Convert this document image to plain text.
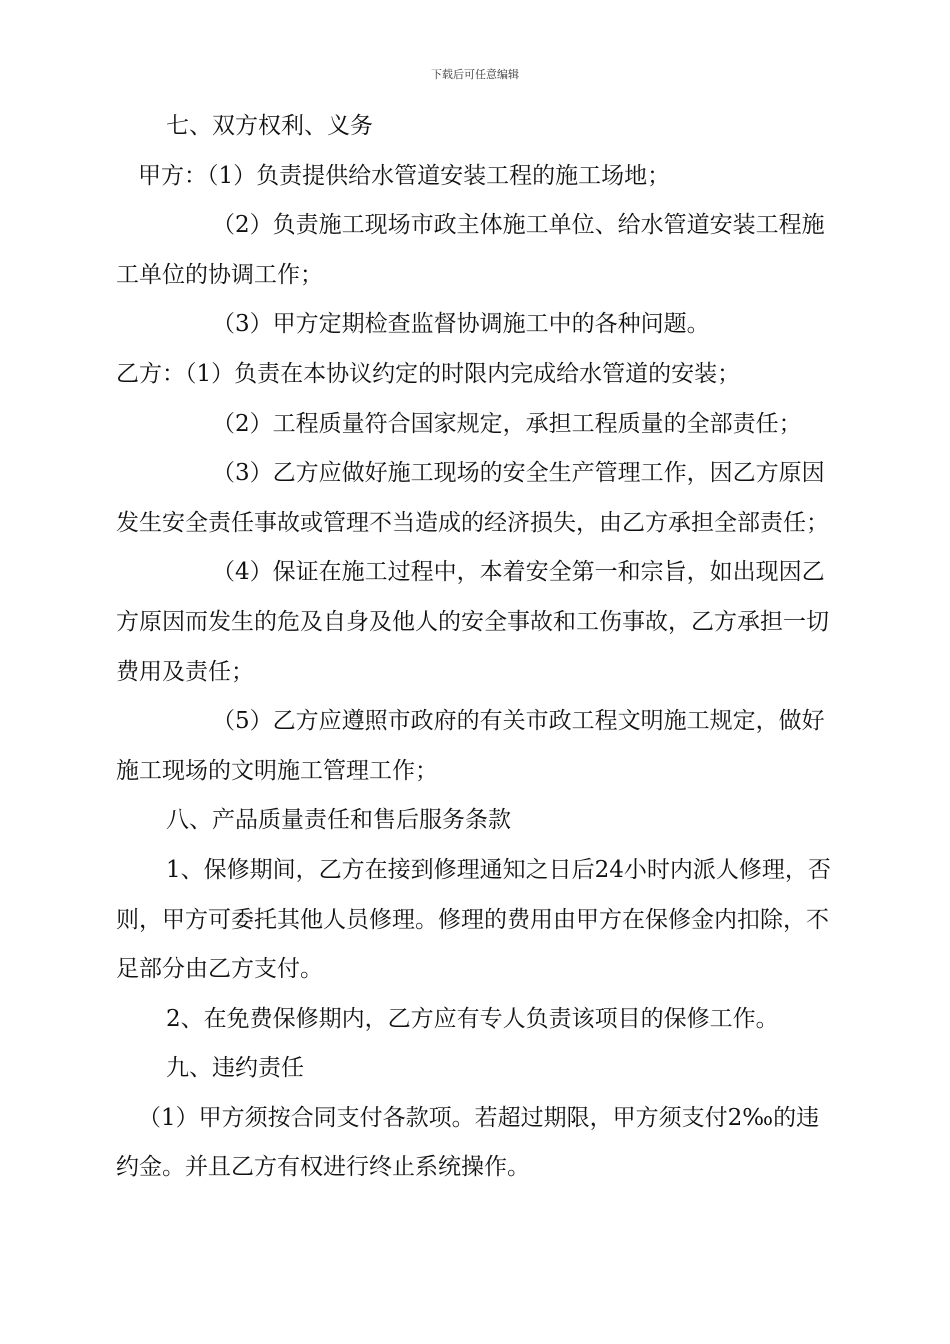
下载后可任意编辑

七、双方权利、义务

甲方：（1）负责提供给水管道安装工程的施工场地；

（2）负责施工现场市政主体施工单位、给水管道安装工程施工单位的协调工作；

（3）甲方定期检查监督协调施工中的各种问题。

乙方：（1）负责在本协议约定的时限内完成给水管道的安装；

（2）工程质量符合国家规定，承担工程质量的全部责任；

（3）乙方应做好施工现场的安全生产管理工作，因乙方原因发生安全责任事故或管理不当造成的经济损失，由乙方承担全部责任；

（4）保证在施工过程中，本着安全第一和宗旨，如出现因乙方原因而发生的危及自身及他人的安全事故和工伤事故，乙方承担一切费用及责任；

（5）乙方应遵照市政府的有关市政工程文明施工规定，做好施工现场的文明施工管理工作；

八、产品质量责任和售后服务条款

1、保修期间，乙方在接到修理通知之日后24小时内派人修理，否则，甲方可委托其他人员修理。修理的费用由甲方在保修金内扣除，不足部分由乙方支付。

2、在免费保修期内，乙方应有专人负责该项目的保修工作。

九、违约责任

（1）甲方须按合同支付各款项。若超过期限，甲方须支付2‰的违约金。并且乙方有权进行终止系统操作。
